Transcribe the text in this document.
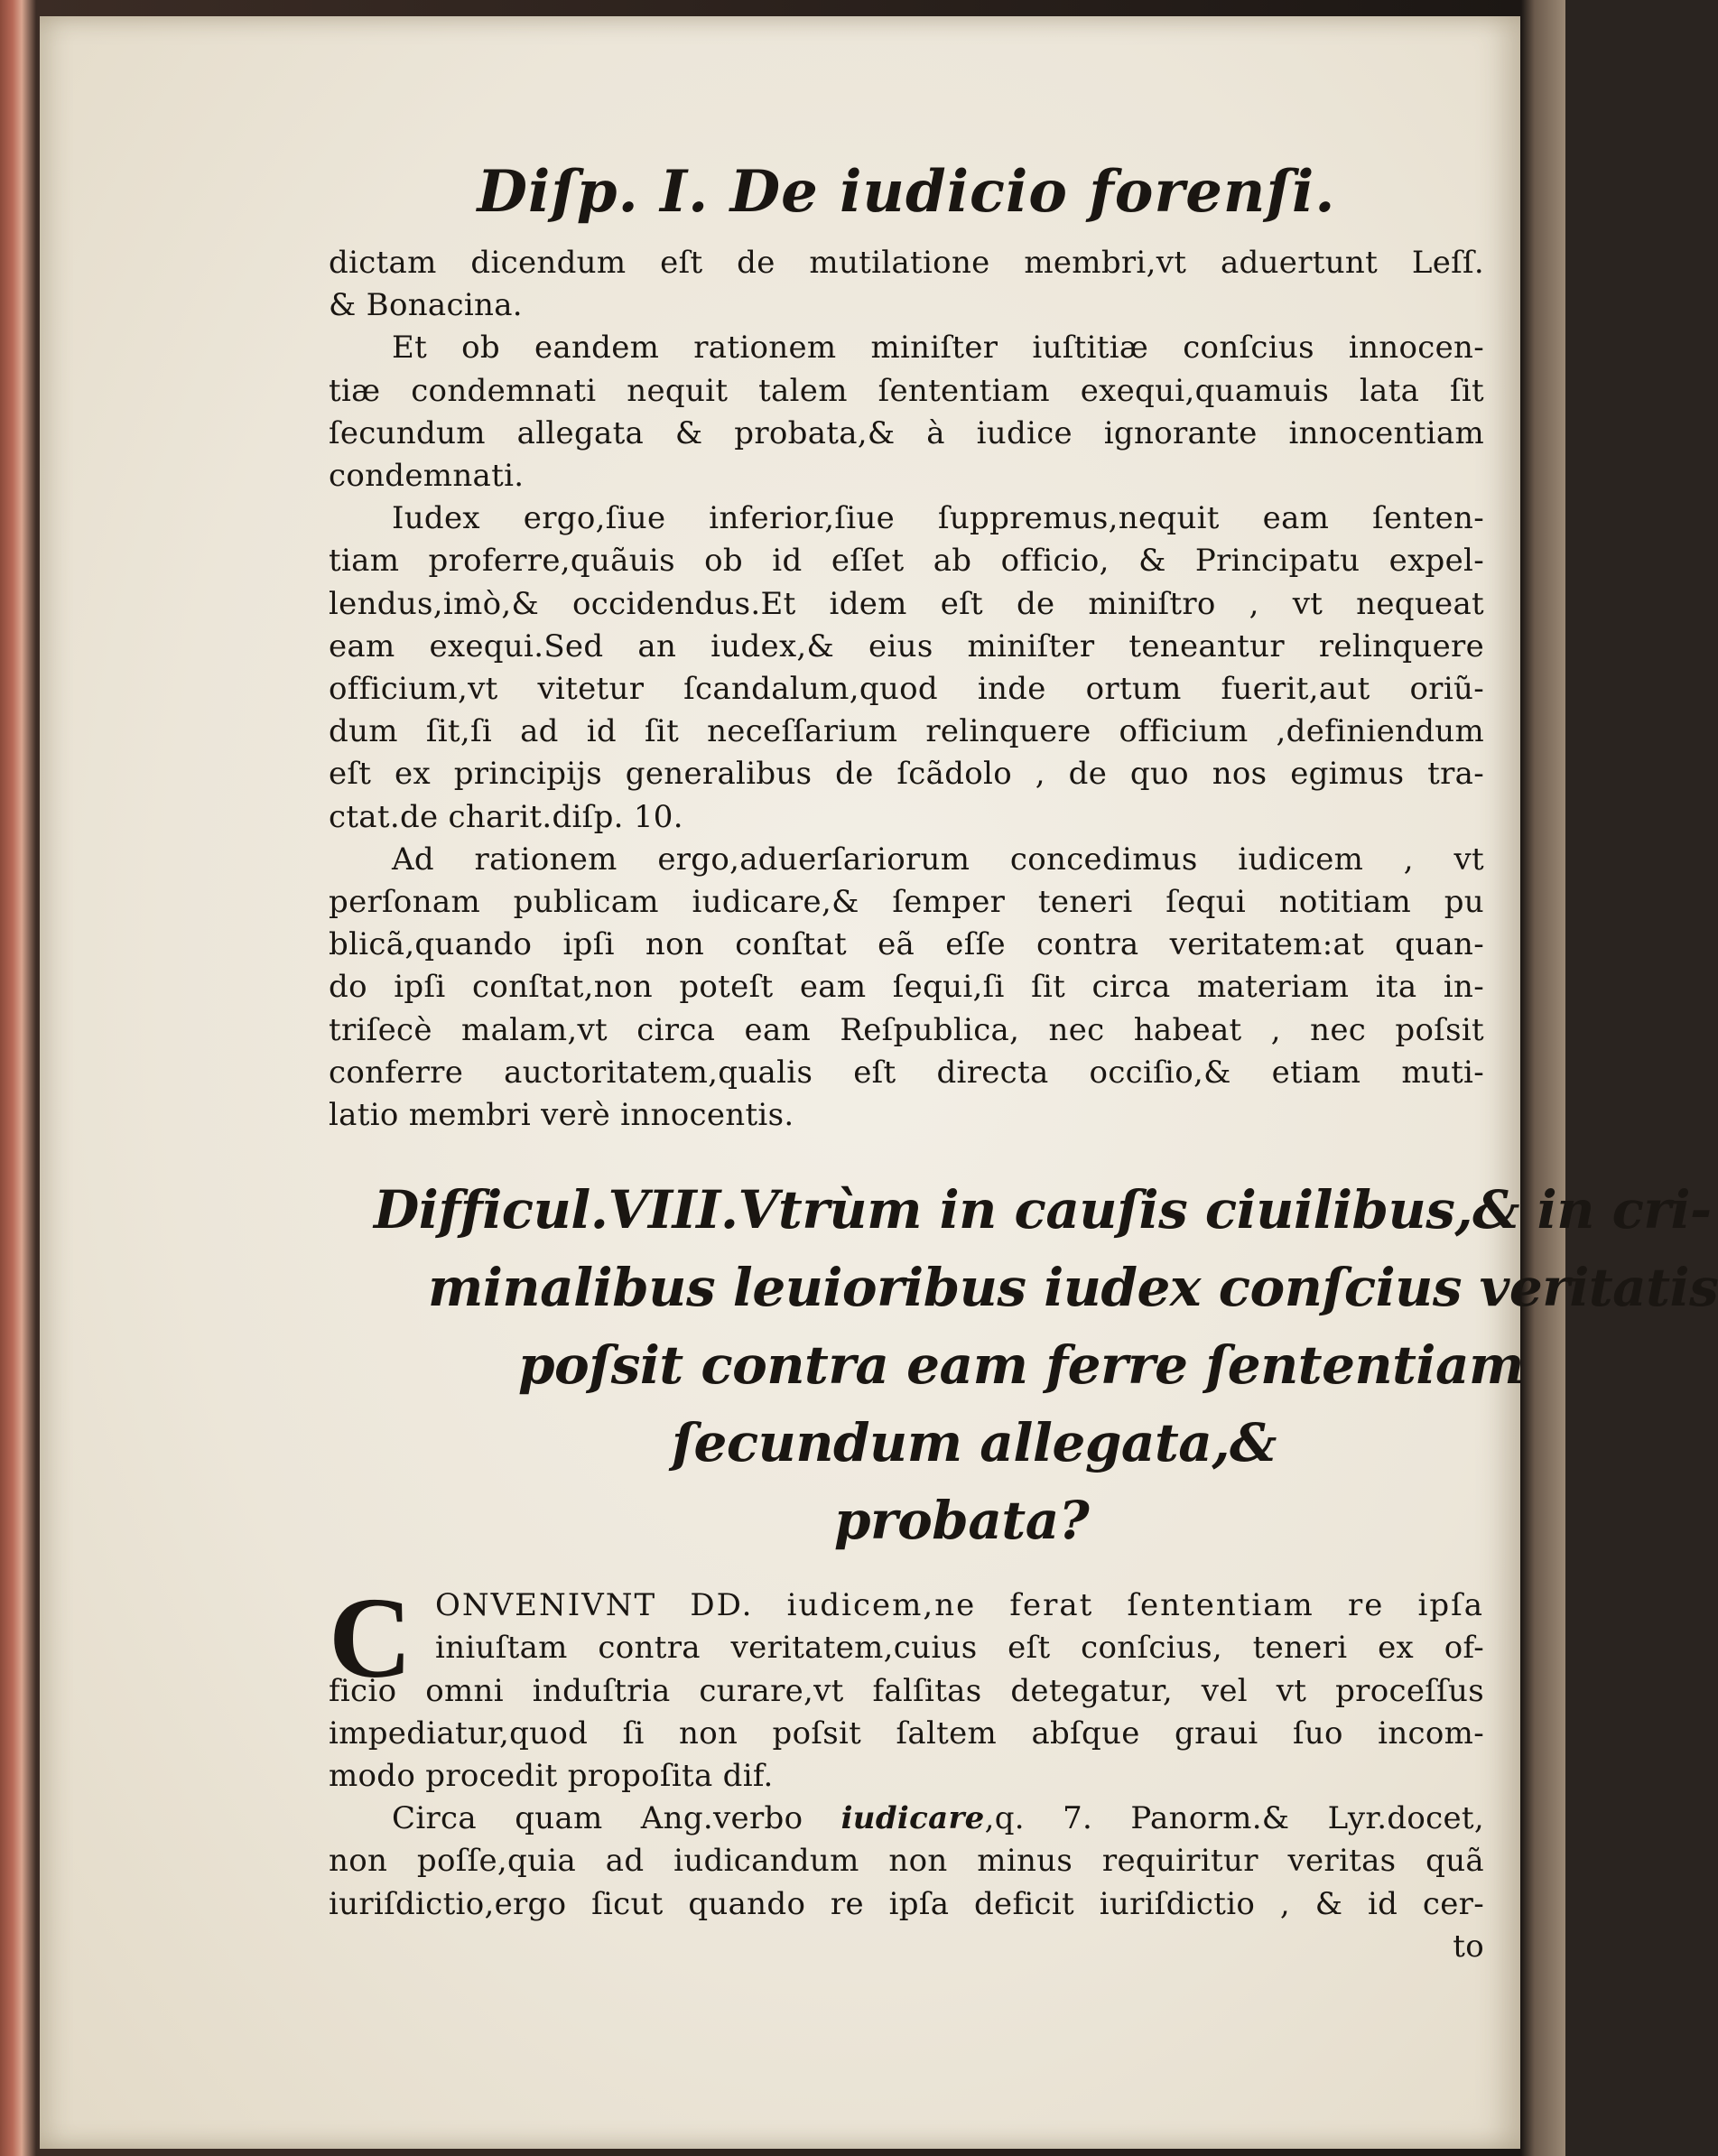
Diſp. I. De iudicio forenſi.
dictam dicendum eſt de mutilatione membri,vt aduertunt Leſſ.
& Bonacina.
Et ob eandem rationem miniſter iuſtitiæ conſcius innocen-
tiæ condemnati nequit talem ſententiam exequi,quamuis lata ſit
ſecundum allegata & probata,& à iudice ignorante innocentiam
condemnati.
Iudex ergo,ſiue inferior,ſiue ſuppremus,nequit eam ſenten-
tiam proferre,quãuis ob id eſſet ab officio, & Principatu expel-
lendus,imò,& occidendus.Et idem eſt de miniſtro , vt nequeat
eam exequi.Sed an iudex,& eius miniſter teneantur relinquere
officium,vt vitetur ſcandalum,quod inde ortum fuerit,aut oriũ-
dum ſit,ſi ad id ſit neceſſarium relinquere officium ,definiendum
eſt ex principijs generalibus de ſcãdolo , de quo nos egimus tra-
ctat.de charit.diſp. 10.
Ad rationem ergo,aduerſariorum concedimus iudicem , vt
perſonam publicam iudicare,& ſemper teneri ſequi notitiam pu
blicã,quando ipſi non conſtat eã eſſe contra veritatem:at quan-
do ipſi conſtat,non poteſt eam ſequi,ſi ſit circa materiam ita in-
triſecè malam,vt circa eam Reſpublica, nec habeat , nec poſsit
conferre auctoritatem,qualis eſt directa occiſio,& etiam muti-
latio membri verè innocentis.
Difficul.VIII.Vtrùm in cauſis ciuilibus,& in cri-
minalibus leuioribus iudex conſcius veritatis
poſsit contra eam ferre ſententiam
ſecundum allegata,&
probata?
C ONVENIVNT DD. iudicem,ne ferat ſententiam re ipſa
iniuſtam contra veritatem,cuius eſt conſcius, teneri ex of-
ficio omni induſtria curare,vt falſitas detegatur, vel vt proceſſus
impediatur,quod ſi non poſsit ſaltem abſque graui ſuo incom-
modo procedit propoſita dif.
Circa quam Ang.verbo iudicare,q. 7. Panorm.& Lyr.docet,
non poſſe,quia ad iudicandum non minus requiritur veritas quã
iuriſdictio,ergo ſicut quando re ipſa deficit iuriſdictio , & id cer-
to
